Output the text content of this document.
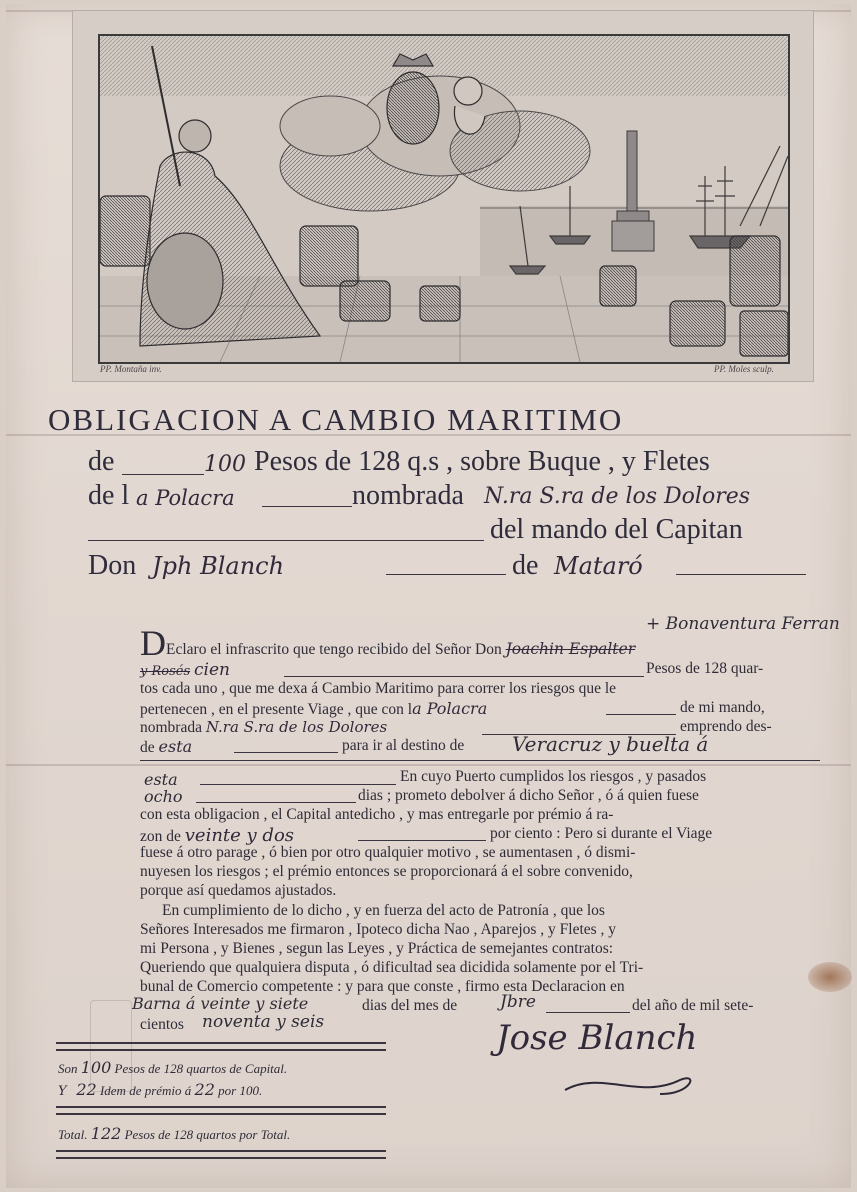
PP. Montaña inv.	PP. Moles sculp.
OBLIGACION A CAMBIO MARITIMO
de	100 Pesos de 128 q.s , sobre Buque , y Fletes
de l a Polacra	nombrada N.ra S.ra de los Dolores
del mando del Capitan
Don Jph Blanch	de Mataró
D	+ Bonaventura Ferran
Eclaro el infrascrito que tengo recibido del Señor Don Joachin Espalter
y Rosés cien	Pesos de 128 quar-
tos cada uno , que me dexa á Cambio Maritimo para correr los riesgos que le
pertenecen , en el presente Viage , que con la Polacra	de mi mando,
nombrada N.ra S.ra de los Dolores	emprendo des-
de esta	para ir al destino de Veracruz y buelta á
esta	En cuyo Puerto cumplidos los riesgos , y pasados
ocho	dias ; prometo debolver á dicho Señor , ó á quien fuese
con esta obligacion , el Capital antedicho , y mas entregarle por prémio á ra-
zon de veinte y dos	por ciento : Pero si durante el Viage
fuese á otro parage , ó bien por otro qualquier motivo , se aumentasen , ó dismi-
nuyesen los riesgos ; el prémio entonces se proporcionará á el sobre convenido,
porque así quedamos ajustados.
En cumplimiento de lo dicho , y en fuerza del acto de Patronía , que los
Señores Interesados me firmaron , Ipoteco dicha Nao , Aparejos , y Fletes , y
mi Persona , y Bienes , segun las Leyes , y Práctica de semejantes contratos:
Queriendo que qualquiera disputa , ó dificultad sea dicidida solamente por el Tri-
bunal de Comercio competente : y para que conste , firmo esta Declaracion en
Barna á veinte y siete	dias del mes de	Jbre	del año de mil sete-
cientos noventa y seis	Jose Blanch
Son 100 Pesos de 128 quartos de Capital.
Y 22 Idem de prémio á 22 por 100.
Total. 122 Pesos de 128 quartos por Total.
